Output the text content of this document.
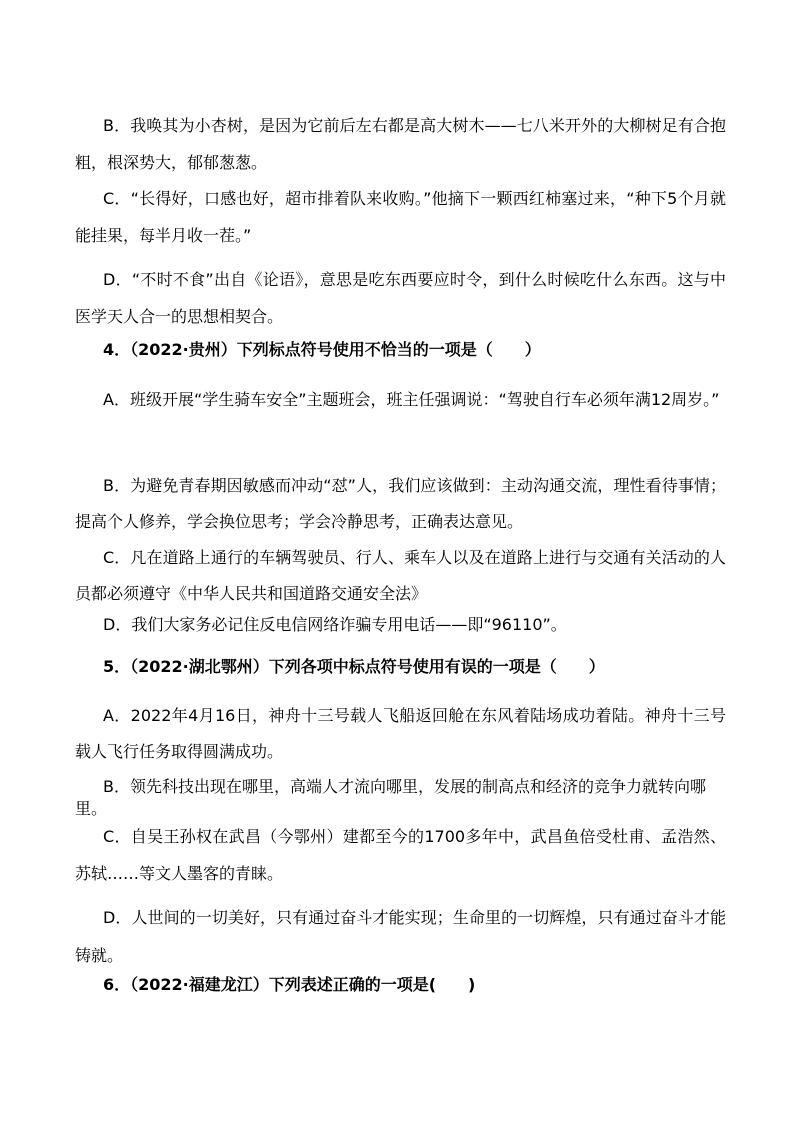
B．我唤其为小杏树，是因为它前后左右都是高大树木——七八米开外的大柳树足有合抱粗，根深势大，郁郁葱葱。
C．“长得好，口感也好，超市排着队来收购。”他摘下一颗西红柿塞过来，“种下5个月就能挂果，每半月收一茬。”
D．“不时不食”出自《论语》，意思是吃东西要应时令，到什么时候吃什么东西。这与中医学天人合一的思想相契合。
4．（2022·贵州）下列标点符号使用不恰当的一项是（　　）
A．班级开展“学生骑车安全”主题班会，班主任强调说：“驾驶自行车必须年满12周岁。”
B．为避免青春期因敏感而冲动“怼”人，我们应该做到：主动沟通交流，理性看待事情；提高个人修养，学会换位思考；学会冷静思考，正确表达意见。
C．凡在道路上通行的车辆驾驶员、行人、乘车人以及在道路上进行与交通有关活动的人员都必须遵守《中华人民共和国道路交通安全法》
D．我们大家务必记住反电信网络诈骗专用电话——即“96110”。
5．（2022·湖北鄂州）下列各项中标点符号使用有误的一项是（　　）
A．2022年4月16日，神舟十三号载人飞船返回舱在东风着陆场成功着陆。神舟十三号载人飞行任务取得圆满成功。
B．领先科技出现在哪里，高端人才流向哪里，发展的制高点和经济的竞争力就转向哪里。
C．自吴王孙权在武昌（今鄂州）建都至今的1700多年中，武昌鱼倍受杜甫、孟浩然、苏轼……等文人墨客的青睐。
D．人世间的一切美好，只有通过奋斗才能实现；生命里的一切辉煌，只有通过奋斗才能铸就。
6．（2022·福建龙江）下列表述正确的一项是(　　)
